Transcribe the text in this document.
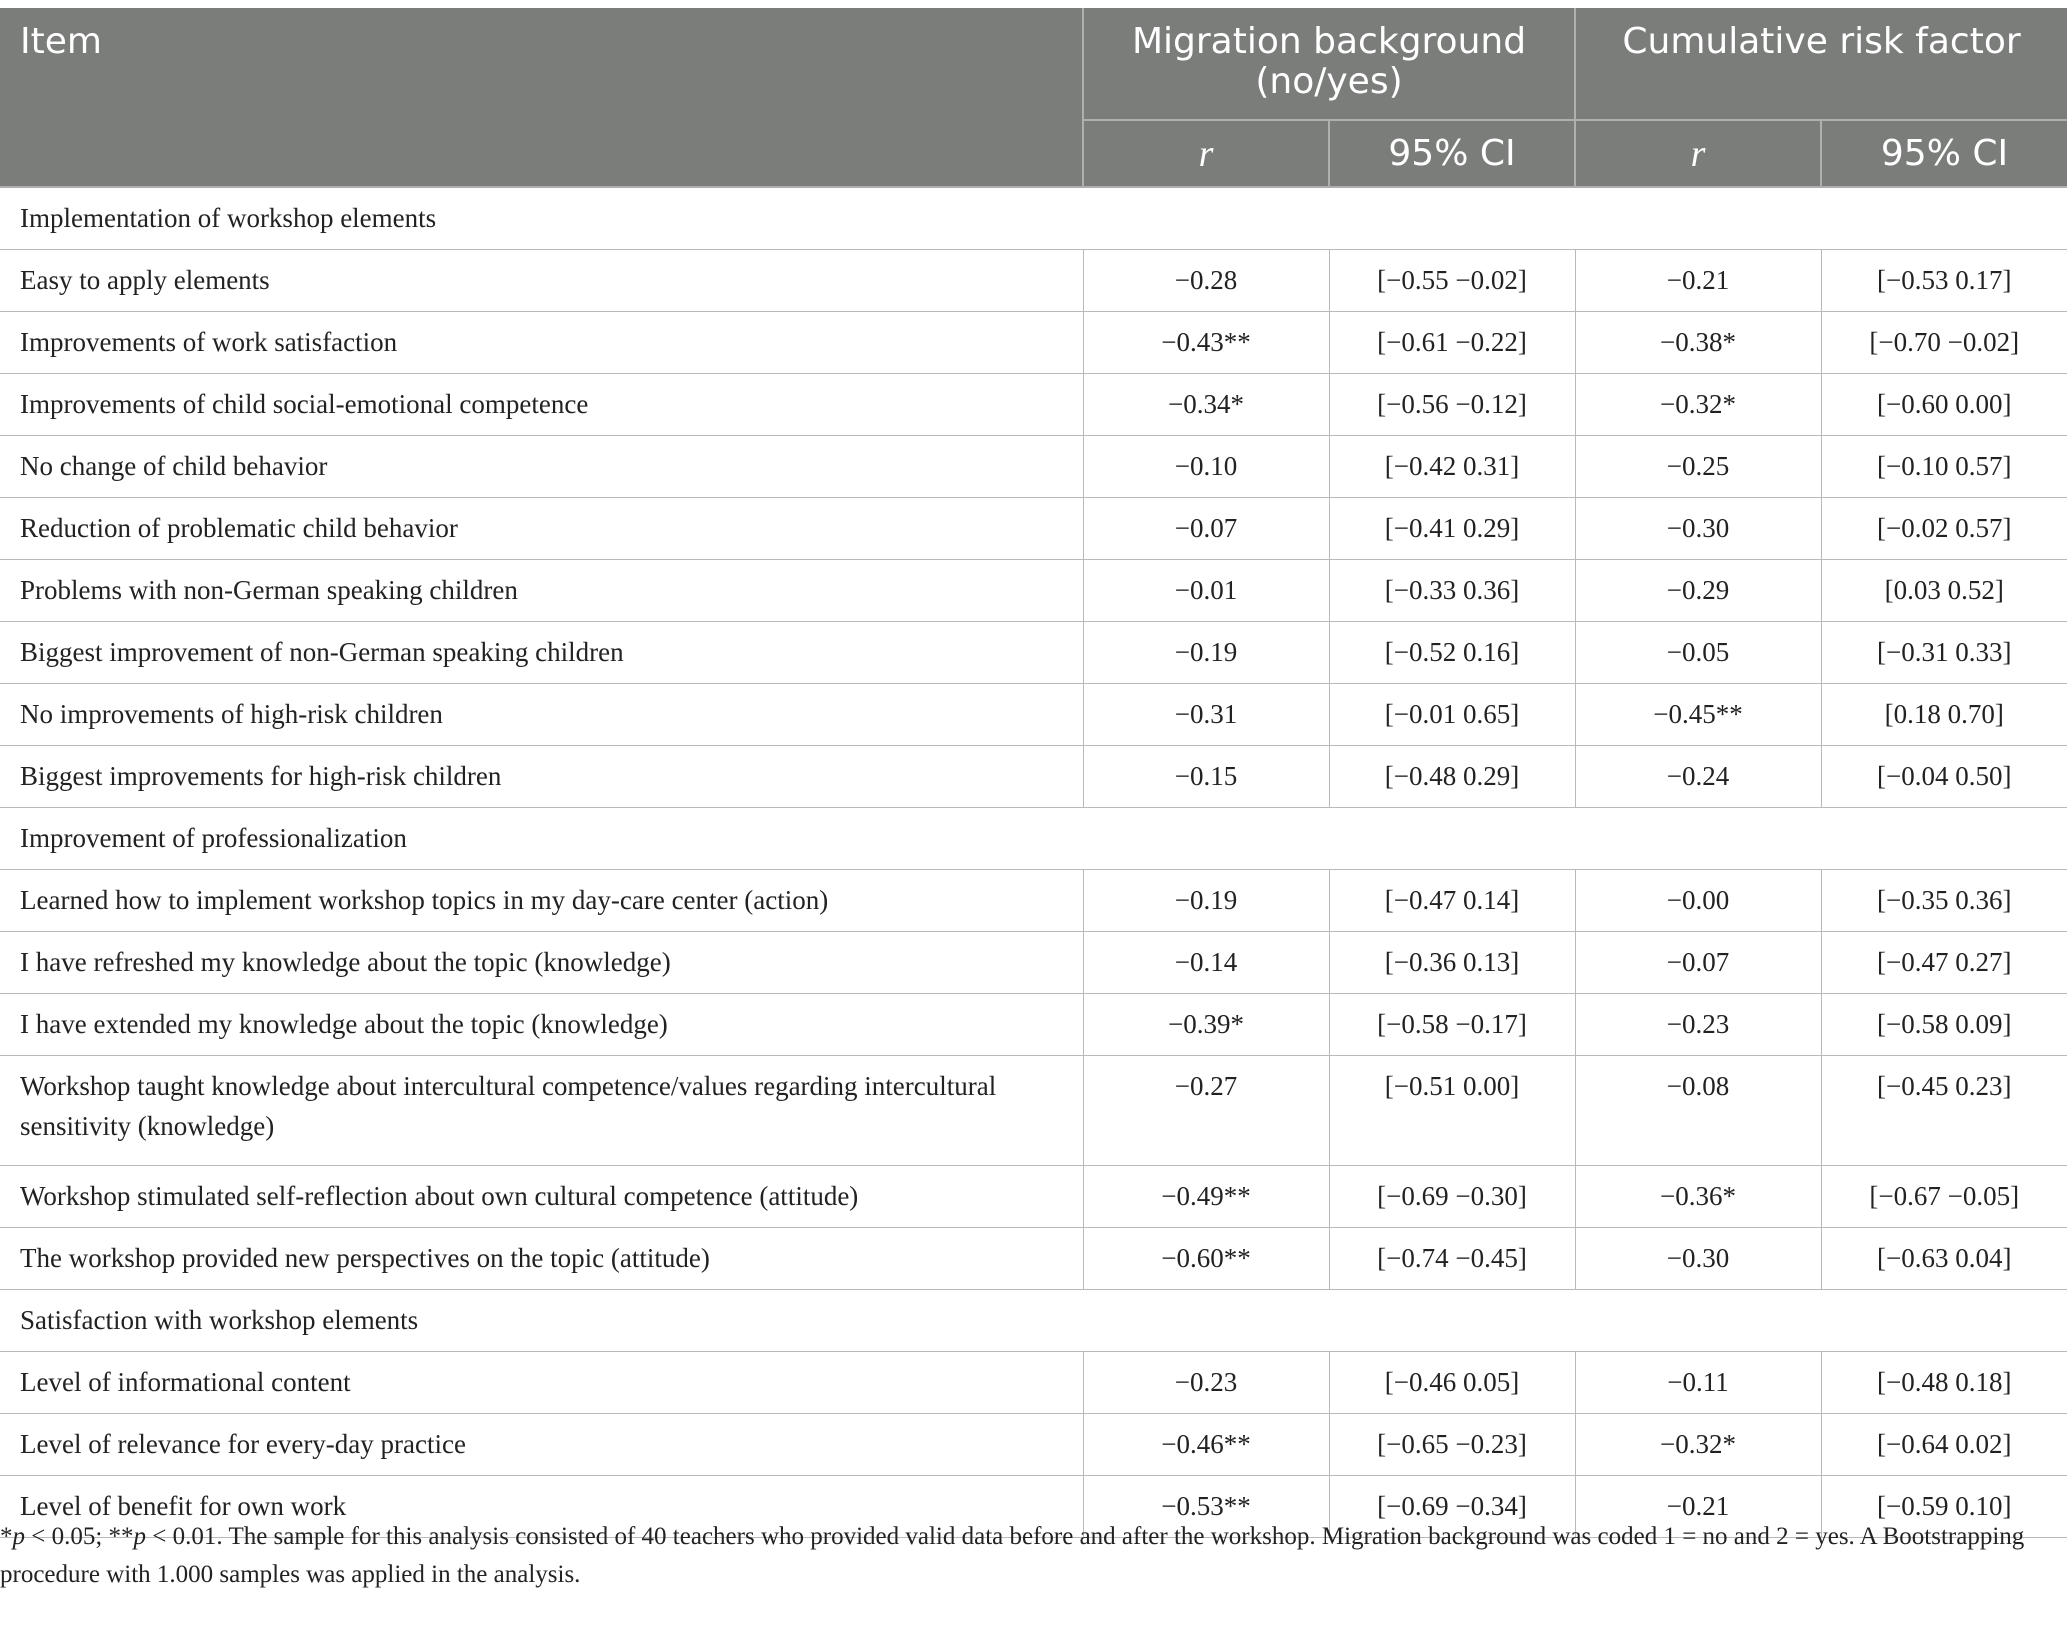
Item	Migration background (no/yes)		Cumulative risk factor	
	r	95% CI	r	95% CI
Implementation of workshop elements				
Easy to apply elements	−0.28	[−0.55 −0.02]	−0.21	[−0.53 0.17]
Improvements of work satisfaction	−0.43**	[−0.61 −0.22]	−0.38*	[−0.70 −0.02]
Improvements of child social-emotional competence	−0.34*	[−0.56 −0.12]	−0.32*	[−0.60 0.00]
No change of child behavior	−0.10	[−0.42 0.31]	−0.25	[−0.10 0.57]
Reduction of problematic child behavior	−0.07	[−0.41 0.29]	−0.30	[−0.02 0.57]
Problems with non-German speaking children	−0.01	[−0.33 0.36]	−0.29	[0.03 0.52]
Biggest improvement of non-German speaking children	−0.19	[−0.52 0.16]	−0.05	[−0.31 0.33]
No improvements of high-risk children	−0.31	[−0.01 0.65]	−0.45**	[0.18 0.70]
Biggest improvements for high-risk children	−0.15	[−0.48 0.29]	−0.24	[−0.04 0.50]
Improvement of professionalization				
Learned how to implement workshop topics in my day-care center (action)	−0.19	[−0.47 0.14]	−0.00	[−0.35 0.36]
I have refreshed my knowledge about the topic (knowledge)	−0.14	[−0.36 0.13]	−0.07	[−0.47 0.27]
I have extended my knowledge about the topic (knowledge)	−0.39*	[−0.58 −0.17]	−0.23	[−0.58 0.09]
Workshop taught knowledge about intercultural competence/values regarding intercultural sensitivity (knowledge)	−0.27	[−0.51 0.00]	−0.08	[−0.45 0.23]
Workshop stimulated self-reflection about own cultural competence (attitude)	−0.49**	[−0.69 −0.30]	−0.36*	[−0.67 −0.05]
The workshop provided new perspectives on the topic (attitude)	−0.60**	[−0.74 −0.45]	−0.30	[−0.63 0.04]
Satisfaction with workshop elements				
Level of informational content	−0.23	[−0.46 0.05]	−0.11	[−0.48 0.18]
Level of relevance for every-day practice	−0.46**	[−0.65 −0.23]	−0.32*	[−0.64 0.02]
Level of benefit for own work	−0.53**	[−0.69 −0.34]	−0.21	[−0.59 0.10]
*p < 0.05; **p < 0.01. The sample for this analysis consisted of 40 teachers who provided valid data before and after the workshop. Migration background was coded 1 = no and 2 = yes. A Bootstrapping procedure with 1.000 samples was applied in the analysis.
